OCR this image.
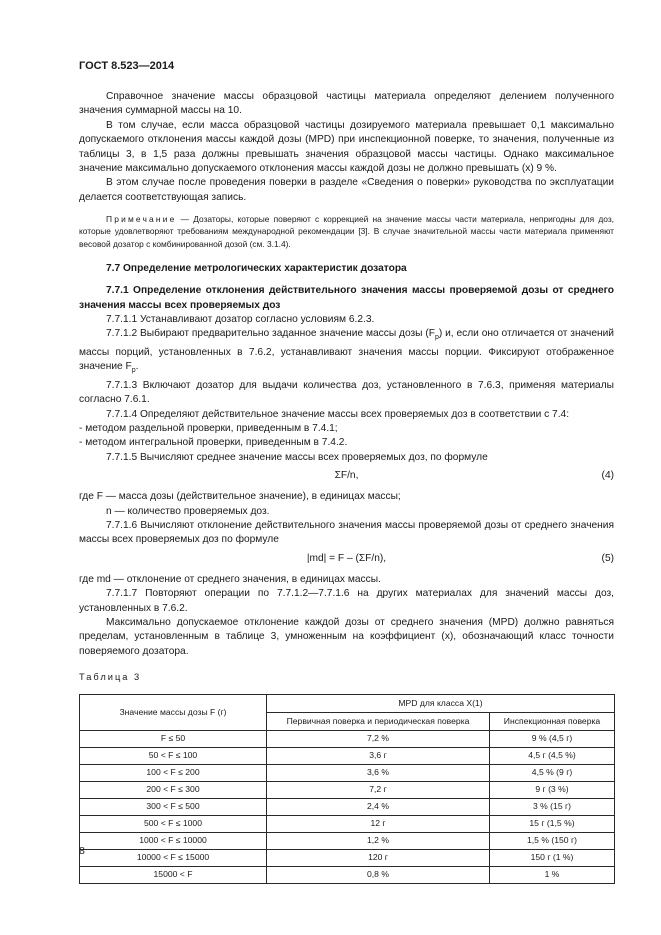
ГОСТ 8.523—2014

Справочное значение массы образцовой частицы материала определяют делением полученного значения суммарной массы на 10.

В том случае, если масса образцовой частицы дозируемого материала превышает 0,1 максимально допускаемого отклонения массы каждой дозы (MPD) при инспекционной поверке, то значения, полученные из таблицы 3, в 1,5 раза должны превышать значения образцовой массы частицы. Однако максимальное значение максимально допускаемого отклонения массы каждой дозы не должно превышать (x) 9 %.

В этом случае после проведения поверки в разделе «Сведения о поверки» руководства по эксплуатации делается соответствующая запись.

Примечание — Дозаторы, которые поверяют с коррекцией на значение массы части материала, непригодны для доз, которые удовлетворяют требованиям международной рекомендации [3]. В случае значительной массы части материала применяют весовой дозатор с комбинированной дозой (см. 3.1.4).

7.7 Определение метрологических характеристик дозатора

7.7.1 Определение отклонения действительного значения массы проверяемой дозы от среднего значения массы всех проверяемых доз

7.7.1.1 Устанавливают дозатор согласно условиям 6.2.3.

7.7.1.2 Выбирают предварительно заданное значение массы дозы $(F_p)$ и, если оно отличается от значений массы порций, установленных в 7.6.2, устанавливают значения массы порции. Фиксируют отображенное значение $F_p$.

7.7.1.3 Включают дозатор для выдачи количества доз, установленного в 7.6.3, применяя материалы согласно 7.6.1.

7.7.1.4 Определяют действительное значение массы всех проверяемых доз в соответствии с 7.4:

- методом раздельной проверки, приведенным в 7.4.1;

- методом интегральной проверки, приведенным в 7.4.2.

7.7.1.5 Вычисляют среднее значение массы всех проверяемых доз, по формуле

ΣF/n,	(4)

где F — масса дозы (действительное значение), в единицах массы;

n — количество проверяемых доз.

7.7.1.6 Вычисляют отклонение действительного значения массы проверяемой дозы от среднего значения массы всех проверяемых доз по формуле

|md| = F – (ΣF/n),	(5)

где md — отклонение от среднего значения, в единицах массы.

7.7.1.7 Повторяют операции по 7.7.1.2—7.7.1.6 на других материалах для значений массы доз, установленных в 7.6.2.

Максимально допускаемое отклонение каждой дозы от среднего значения (MPD) должно равняться пределам, установленным в таблице 3, умноженным на коэффициент (x), обозначающий класс точности поверяемого дозатора.

Таблица 3
Значение массы дозы F (г)	MPD для класса X(1)	
	Первичная поверка и периодическая поверка	Инспекционная поверка
F ≤ 50	7,2 %	9 % (4,5 г)
50 < F ≤ 100	3,6 г	4,5 г (4,5 %)
100 < F ≤ 200	3,6 %	4,5 % (9 г)
200 < F ≤ 300	7,2 г	9 г (3 %)
300 < F ≤ 500	2,4 %	3 % (15 г)
500 < F ≤ 1000	12 г	15 г (1,5 %)
1000 < F ≤ 10000	1,2 %	1,5 % (150 г)
10000 < F ≤ 15000	120 г	150 г (1 %)
15000 < F	0,8 %	1 %
8
